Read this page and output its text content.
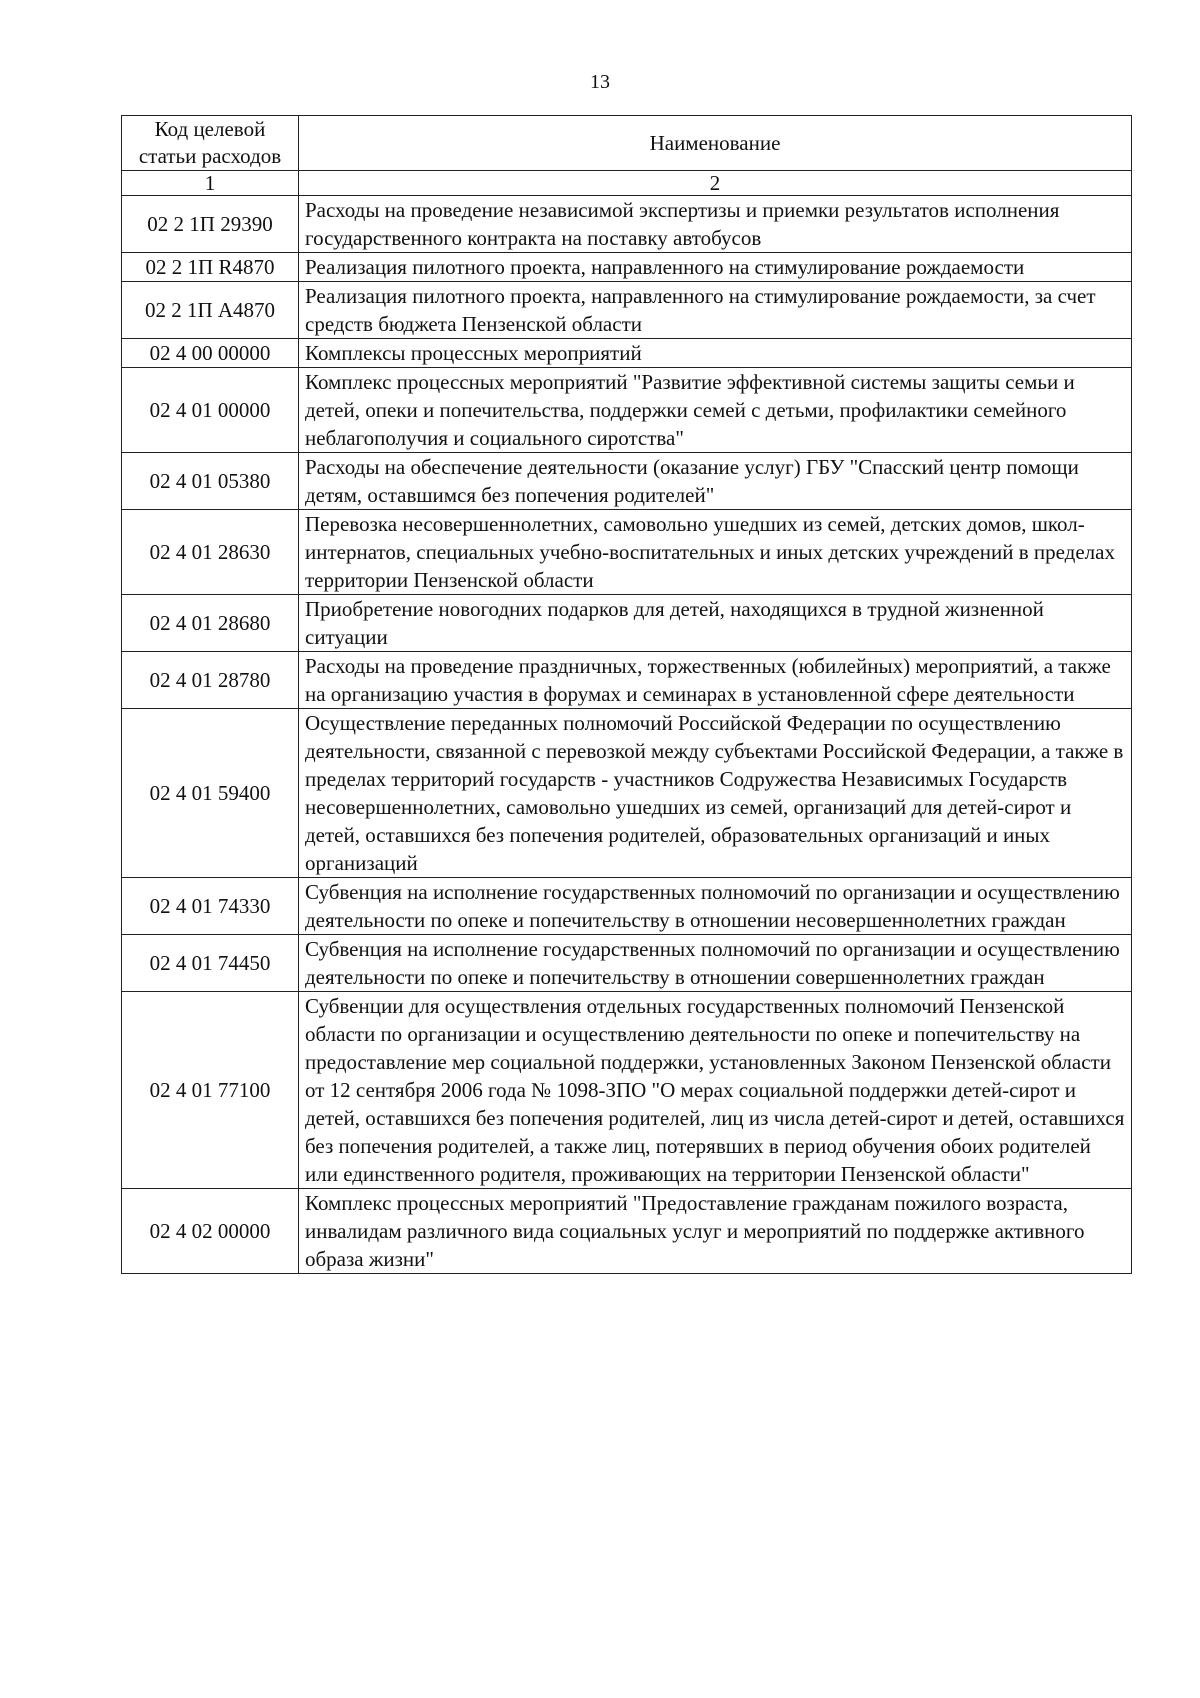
13
Код целевой статьи расходов	Наименование
1	2
02 2 1П 29390	Расходы на проведение независимой экспертизы и приемки результатов исполнения государственного контракта на поставку автобусов
02 2 1П R4870	Реализация пилотного проекта, направленного на стимулирование рождаемости
02 2 1П A4870	Реализация пилотного проекта, направленного на стимулирование рождаемости, за счет средств бюджета Пензенской области
02 4 00 00000	Комплексы процессных мероприятий
02 4 01 00000	Комплекс процессных мероприятий "Развитие эффективной системы защиты семьи и детей, опеки и попечительства, поддержки семей с детьми, профилактики семейного неблагополучия и социального сиротства"
02 4 01 05380	Расходы на обеспечение деятельности (оказание услуг) ГБУ "Спасский центр помощи детям, оставшимся без попечения родителей"
02 4 01 28630	Перевозка несовершеннолетних, самовольно ушедших из семей, детских домов, школ-интернатов, специальных учебно-воспитательных и иных детских учреждений в пределах территории Пензенской области
02 4 01 28680	Приобретение новогодних подарков для детей, находящихся в трудной жизненной ситуации
02 4 01 28780	Расходы на проведение праздничных, торжественных (юбилейных) мероприятий, а также на организацию участия в форумах и семинарах в установленной сфере деятельности
02 4 01 59400	Осуществление переданных полномочий Российской Федерации по осуществлению деятельности, связанной с перевозкой между субъектами Российской Федерации, а также в пределах территорий государств - участников Содружества Независимых Государств несовершеннолетних, самовольно ушедших из семей, организаций для детей-сирот и детей, оставшихся без попечения родителей, образовательных организаций и иных организаций
02 4 01 74330	Субвенция на исполнение государственных полномочий по организации и осуществлению деятельности по опеке и попечительству в отношении несовершеннолетних граждан
02 4 01 74450	Субвенция на исполнение государственных полномочий по организации и осуществлению деятельности по опеке и попечительству в отношении совершеннолетних граждан
02 4 01 77100	Субвенции для осуществления отдельных государственных полномочий Пензенской области по организации и осуществлению деятельности по опеке и попечительству на предоставление мер социальной поддержки, установленных Законом Пензенской области от 12 сентября 2006 года № 1098-ЗПО "О мерах социальной поддержки детей-сирот и детей, оставшихся без попечения родителей, лиц из числа детей-сирот и детей, оставшихся без попечения родителей, а также лиц, потерявших в период обучения обоих родителей или единственного родителя, проживающих на территории Пензенской области"
02 4 02 00000	Комплекс процессных мероприятий "Предоставление гражданам пожилого возраста, инвалидам различного вида социальных услуг и мероприятий по поддержке активного образа жизни"
